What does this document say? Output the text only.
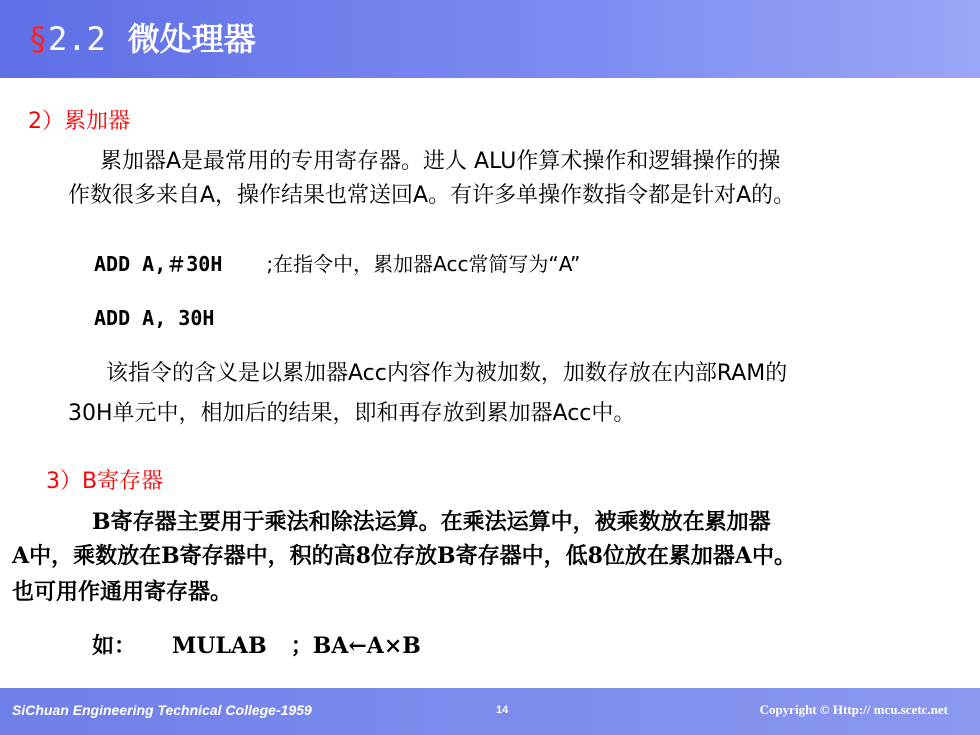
§2.2 微处理器
2）累加器
累加器A是最常用的专用寄存器。进人 ALU作算术操作和逻辑操作的操
作数很多来自A，操作结果也常送回A。有许多单操作数指令都是针对A的。
ADD A,＃30H ;在指令中，累加器Acc常简写为“A”
ADD A, 30H
该指令的含义是以累加器Acc内容作为被加数，加数存放在内部RAM的
30H单元中，相加后的结果，即和再存放到累加器Acc中。
3）B寄存器
B寄存器主要用于乘法和除法运算。在乘法运算中，被乘数放在累加器
A中，乘数放在B寄存器中，积的高8位存放B寄存器中，低8位放在累加器A中。
也可用作通用寄存器。
如： MULAB ；BA←A×B
SiChuan Engineering Technical College-1959	14	Copyright © Http:// mcu.scetc.net
